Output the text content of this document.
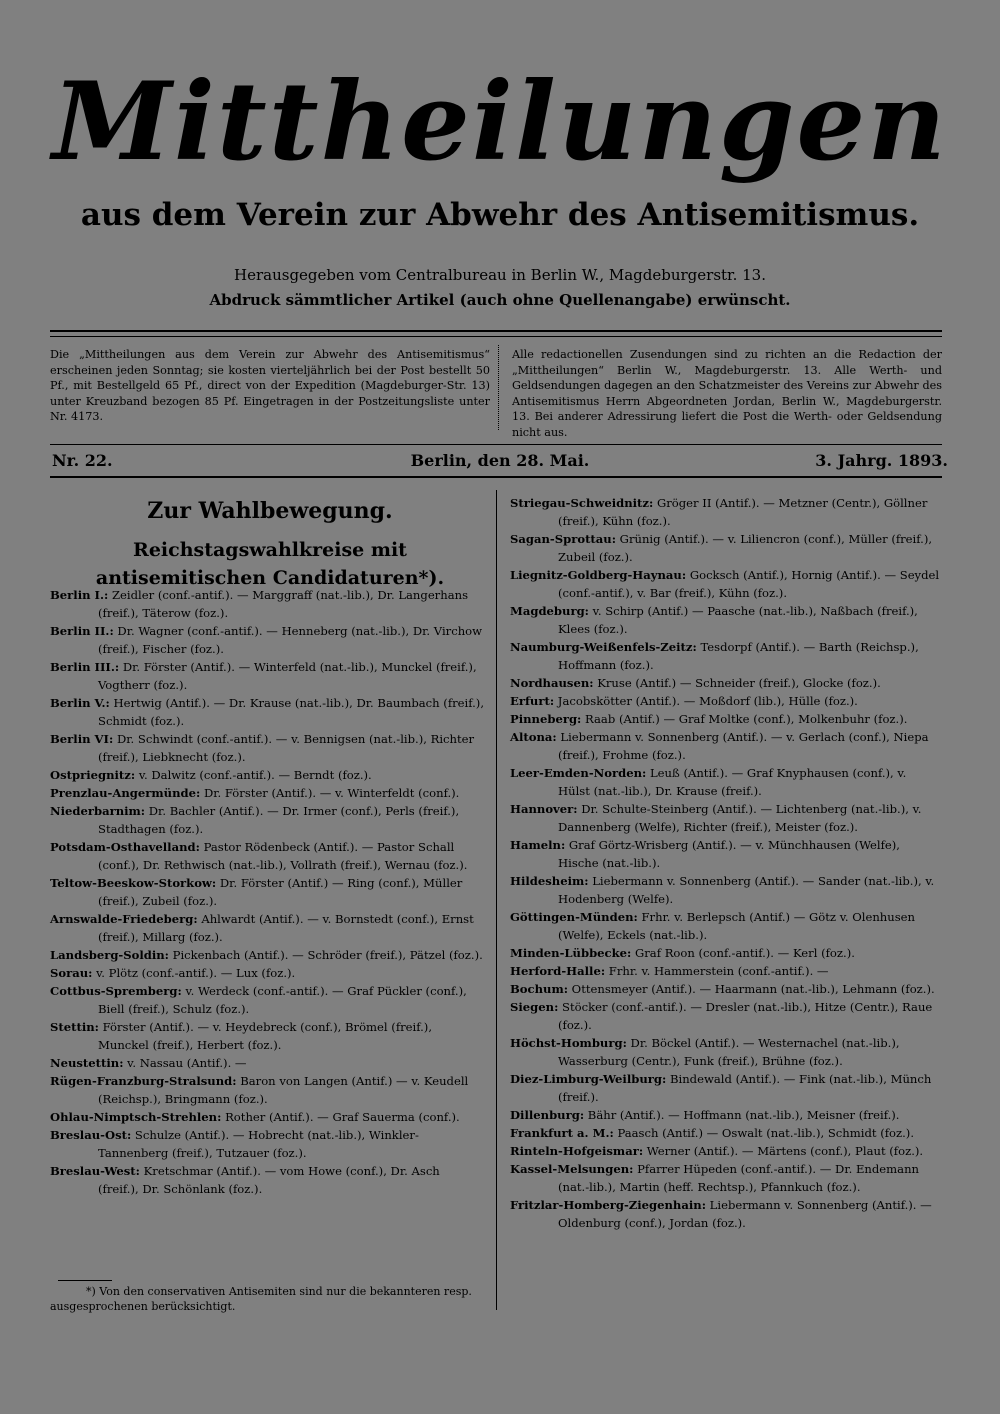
Mittheilungen
aus dem Verein zur Abwehr des Antisemitismus.
Herausgegeben vom Centralbureau in Berlin W., Magdeburgerstr. 13.
Abdruck sämmtlicher Artikel (auch ohne Quellenangabe) erwünscht.
Die „Mittheilungen aus dem Verein zur Abwehr des Antisemitismus“ erscheinen jeden Sonntag; sie kosten vierteljährlich bei der Post bestellt 50 Pf., mit Bestellgeld 65 Pf., direct von der Expedition (Magdeburger-Str. 13) unter Kreuzband bezogen 85 Pf. Eingetragen in der Postzeitungsliste unter Nr. 4173.
Alle redactionellen Zusendungen sind zu richten an die Redaction der „Mittheilungen“ Berlin W., Magdeburgerstr. 13. Alle Werth- und Geldsendungen dagegen an den Schatzmeister des Vereins zur Abwehr des Antisemitismus Herrn Abgeordneten Jordan, Berlin W., Magdeburgerstr. 13. Bei anderer Adressirung liefert die Post die Werth- oder Geldsendung nicht aus.
Nr. 22.	Berlin, den 28. Mai.	3. Jahrg. 1893.
Zur Wahlbewegung.
Reichstagswahlkreise mit antisemitischen Candidaturen*).

Berlin I.: Zeidler (conf.-antif.). — Marggraff (nat.-lib.), Dr. Langerhans (freif.), Täterow (foz.).

Berlin II.: Dr. Wagner (conf.-antif.). — Henneberg (nat.-lib.), Dr. Virchow (freif.), Fischer (foz.).

Berlin III.: Dr. Förster (Antif.). — Winterfeld (nat.-lib.), Munckel (freif.), Vogtherr (foz.).

Berlin V.: Hertwig (Antif.). — Dr. Krause (nat.-lib.), Dr. Baumbach (freif.), Schmidt (foz.).

Berlin VI: Dr. Schwindt (conf.-antif.). — v. Bennigsen (nat.-lib.), Richter (freif.), Liebknecht (foz.).

Ostpriegnitz: v. Dalwitz (conf.-antif.). — Berndt (foz.).

Prenzlau-Angermünde: Dr. Förster (Antif.). — v. Winterfeldt (conf.).

Niederbarnim: Dr. Bachler (Antif.). — Dr. Irmer (conf.), Perls (freif.), Stadthagen (foz.).

Potsdam-Osthavelland: Pastor Rödenbeck (Antif.). — Pastor Schall (conf.), Dr. Rethwisch (nat.-lib.), Vollrath (freif.), Wernau (foz.).

Teltow-Beeskow-Storkow: Dr. Förster (Antif.) — Ring (conf.), Müller (freif.), Zubeil (foz.).

Arnswalde-Friedeberg: Ahlwardt (Antif.). — v. Bornstedt (conf.), Ernst (freif.), Millarg (foz.).

Landsberg-Soldin: Pickenbach (Antif.). — Schröder (freif.), Pätzel (foz.).

Sorau: v. Plötz (conf.-antif.). — Lux (foz.).

Cottbus-Spremberg: v. Werdeck (conf.-antif.). — Graf Pückler (conf.), Biell (freif.), Schulz (foz.).

Stettin: Förster (Antif.). — v. Heydebreck (conf.), Brömel (freif.), Munckel (freif.), Herbert (foz.).

Neustettin: v. Nassau (Antif.). —

Rügen-Franzburg-Stralsund: Baron von Langen (Antif.) — v. Keudell (Reichsp.), Bringmann (foz.).

Ohlau-Nimptsch-Strehlen: Rother (Antif.). — Graf Sauerma (conf.).

Breslau-Ost: Schulze (Antif.). — Hobrecht (nat.-lib.), Winkler-Tannenberg (freif.), Tutzauer (foz.).

Breslau-West: Kretschmar (Antif.). — vom Howe (conf.), Dr. Asch (freif.), Dr. Schönlank (foz.).

Striegau-Schweidnitz: Gröger II (Antif.). — Metzner (Centr.), Göllner (freif.), Kühn (foz.).

Sagan-Sprottau: Grünig (Antif.). — v. Liliencron (conf.), Müller (freif.), Zubeil (foz.).

Liegnitz-Goldberg-Haynau: Gocksch (Antif.), Hornig (Antif.). — Seydel (conf.-antif.), v. Bar (freif.), Kühn (foz.).

Magdeburg: v. Schirp (Antif.) — Paasche (nat.-lib.), Naßbach (freif.), Klees (foz.).

Naumburg-Weißenfels-Zeitz: Tesdorpf (Antif.). — Barth (Reichsp.), Hoffmann (foz.).

Nordhausen: Kruse (Antif.) — Schneider (freif.), Glocke (foz.).

Erfurt: Jacobskötter (Antif.). — Moßdorf (lib.), Hülle (foz.).

Pinneberg: Raab (Antif.) — Graf Moltke (conf.), Molkenbuhr (foz.).

Altona: Liebermann v. Sonnenberg (Antif.). — v. Gerlach (conf.), Niepa (freif.), Frohme (foz.).

Leer-Emden-Norden: Leuß (Antif.). — Graf Knyphausen (conf.), v. Hülst (nat.-lib.), Dr. Krause (freif.).

Hannover: Dr. Schulte-Steinberg (Antif.). — Lichtenberg (nat.-lib.), v. Dannenberg (Welfe), Richter (freif.), Meister (foz.).

Hameln: Graf Görtz-Wrisberg (Antif.). — v. Münchhausen (Welfe), Hische (nat.-lib.).

Hildesheim: Liebermann v. Sonnenberg (Antif.). — Sander (nat.-lib.), v. Hodenberg (Welfe).

Göttingen-Münden: Frhr. v. Berlepsch (Antif.) — Götz v. Olenhusen (Welfe), Eckels (nat.-lib.).

Minden-Lübbecke: Graf Roon (conf.-antif.). — Kerl (foz.).

Herford-Halle: Frhr. v. Hammerstein (conf.-antif.). —

Bochum: Ottensmeyer (Antif.). — Haarmann (nat.-lib.), Lehmann (foz.).

Siegen: Stöcker (conf.-antif.). — Dresler (nat.-lib.), Hitze (Centr.), Raue (foz.).

Höchst-Homburg: Dr. Böckel (Antif.). — Westernachel (nat.-lib.), Wasserburg (Centr.), Funk (freif.), Brühne (foz.).

Diez-Limburg-Weilburg: Bindewald (Antif.). — Fink (nat.-lib.), Münch (freif.).

Dillenburg: Bähr (Antif.). — Hoffmann (nat.-lib.), Meisner (freif.).

Frankfurt a. M.: Paasch (Antif.) — Oswalt (nat.-lib.), Schmidt (foz.).

Rinteln-Hofgeismar: Werner (Antif.). — Märtens (conf.), Plaut (foz.).

Kassel-Melsungen: Pfarrer Hüpeden (conf.-antif.). — Dr. Endemann (nat.-lib.), Martin (heff. Rechtsp.), Pfannkuch (foz.).

Fritzlar-Homberg-Ziegenhain: Liebermann v. Sonnenberg (Antif.). — Oldenburg (conf.), Jordan (foz.).

*) Von den conservativen Antisemiten sind nur die bekannteren resp. ausgesprochenen berücksichtigt.
